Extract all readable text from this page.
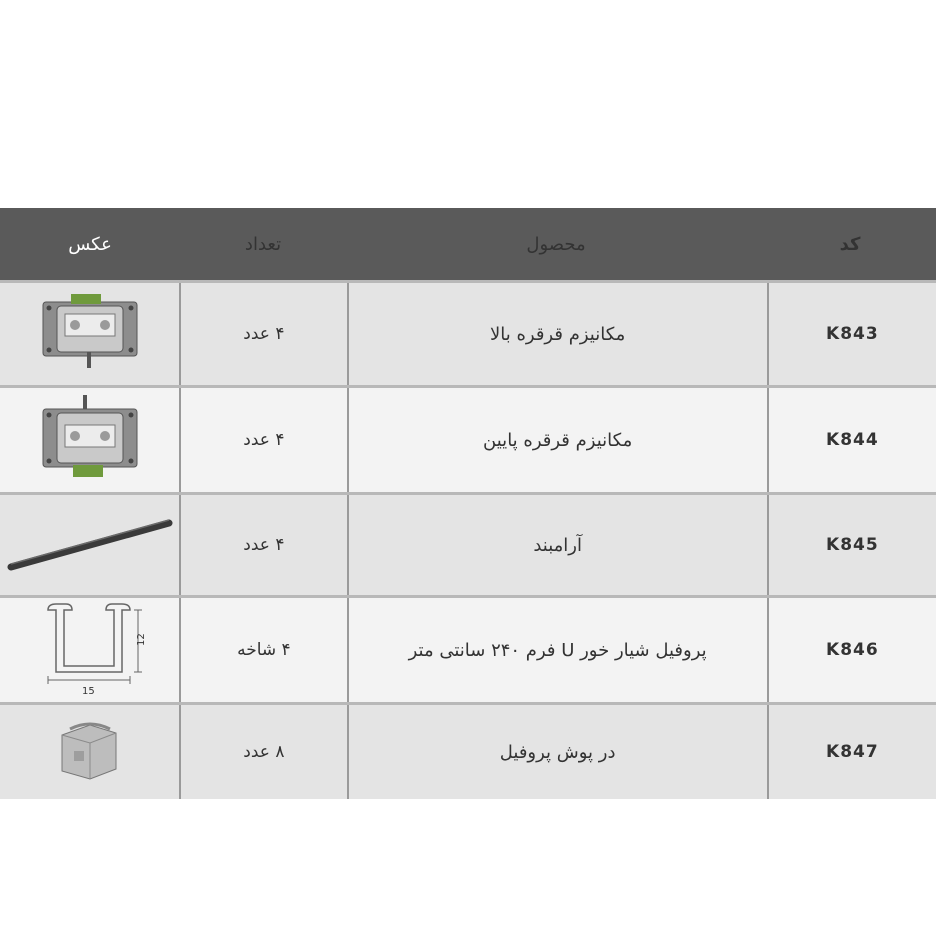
عکس	تعداد	محصول	کد
۴ عدد	مکانیزم قرقره بالا	K843
۴ عدد	مکانیزم قرقره پایین	K844
۴ عدد	آرامبند	K845
12
15
۴ شاخه	پروفیل شیار خور U فرم ۲۴۰ سانتی متر	K846
۸ عدد	در پوش پروفیل	K847
